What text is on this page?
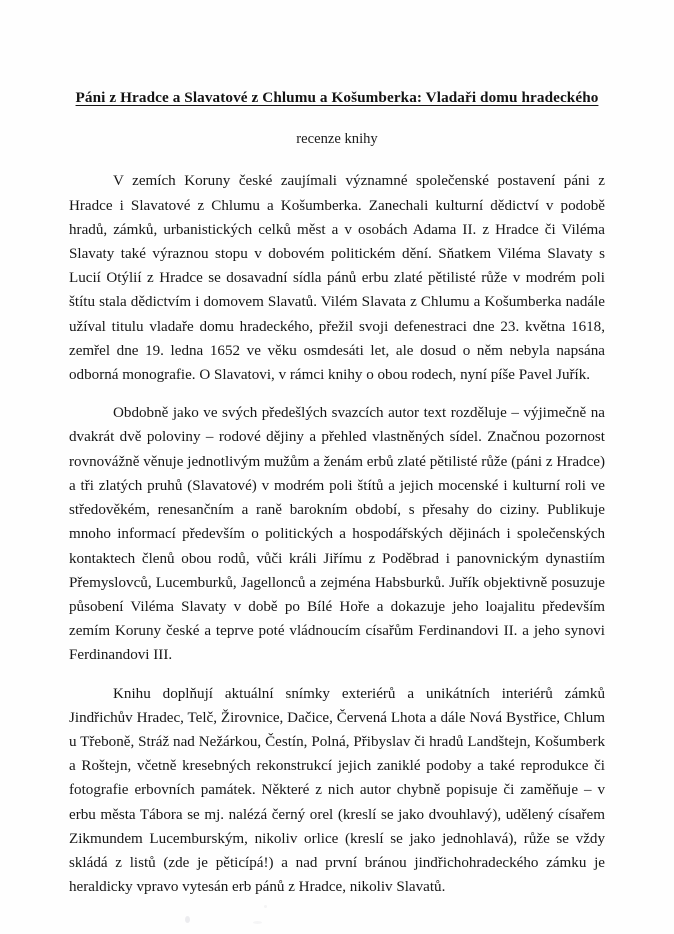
Páni z Hradce a Slavatové z Chlumu a Košumberka: Vladaři domu hradeckého

recenze knihy

V zemích Koruny české zaujímali významné společenské postavení páni z Hradce i Slavatové z Chlumu a Košumberka. Zanechali kulturní dědictví v podobě hradů, zámků, urbanistických celků měst a v osobách Adama II. z Hradce či Viléma Slavaty také výraznou stopu v dobovém politickém dění. Sňatkem Viléma Slavaty s Lucií Otýlií z Hradce se dosavadní sídla pánů erbu zlaté pětilisté růže v modrém poli štítu stala dědictvím i domovem Slavatů. Vilém Slavata z Chlumu a Košumberka nadále užíval titulu vladaře domu hradeckého, přežil svoji defenestraci dne 23. května 1618, zemřel dne 19. ledna 1652 ve věku osmdesáti let, ale dosud o něm nebyla napsána odborná monografie. O Slavatovi, v rámci knihy o obou rodech, nyní píše Pavel Juřík.

Obdobně jako ve svých předešlých svazcích autor text rozděluje – výjimečně na dvakrát dvě poloviny – rodové dějiny a přehled vlastněných sídel. Značnou pozornost rovnovážně věnuje jednotlivým mužům a ženám erbů zlaté pětilisté růže (páni z Hradce) a tři zlatých pruhů (Slavatové) v modrém poli štítů a jejich mocenské i kulturní roli ve středověkém, renesančním a raně barokním období, s přesahy do ciziny. Publikuje mnoho informací především o politických a hospodářských dějinách i společenských kontaktech členů obou rodů, vůči králi Jiřímu z Poděbrad i panovnickým dynastiím Přemyslovců, Lucemburků, Jagellonců a zejména Habsburků. Juřík objektivně posuzuje působení Viléma Slavaty v době po Bílé Hoře a dokazuje jeho loajalitu především zemím Koruny české a teprve poté vládnoucím císařům Ferdinandovi II. a jeho synovi Ferdinandovi III.

Knihu doplňují aktuální snímky exteriérů a unikátních interiérů zámků Jindřichův Hradec, Telč, Žirovnice, Dačice, Červená Lhota a dále Nová Bystřice, Chlum u Třeboně, Stráž nad Nežárkou, Čestín, Polná, Přibyslav či hradů Landštejn, Košumberk a Roštejn, včetně kresebných rekonstrukcí jejich zaniklé podoby a také reprodukce či fotografie erbovních památek. Některé z nich autor chybně popisuje či zaměňuje – v erbu města Tábora se mj. nalézá černý orel (kreslí se jako dvouhlavý), udělený císařem Zikmundem Lucemburským, nikoliv orlice (kreslí se jako jednohlavá), růže se vždy skládá z listů (zde je pěticípá!) a nad první bránou jindřichohradeckého zámku je heraldicky vpravo vytesán erb pánů z Hradce, nikoliv Slavatů.
